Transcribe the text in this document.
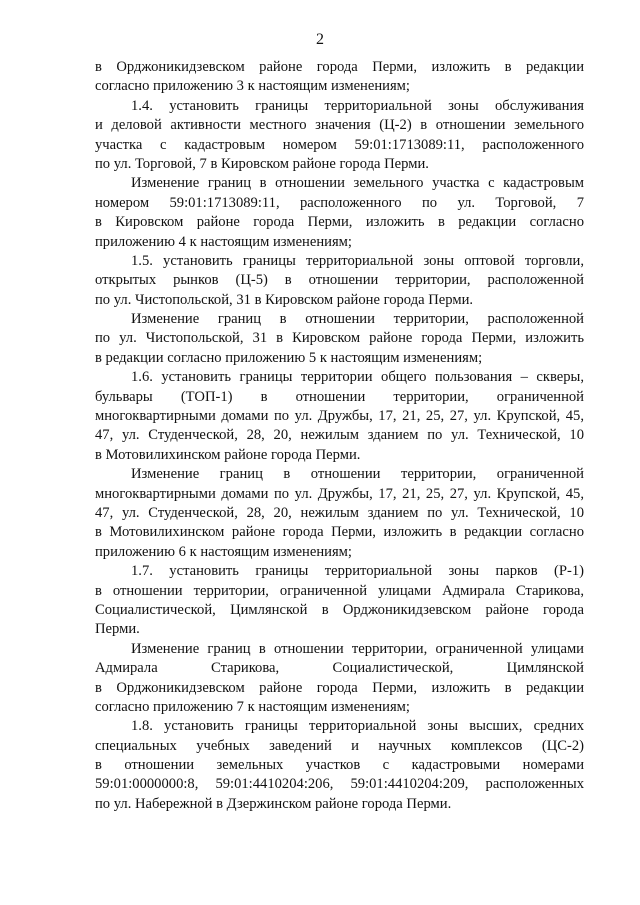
2
в Орджоникидзевском районе города Перми, изложить в редакции
согласно приложению 3 к настоящим изменениям;
1.4. установить границы территориальной зоны обслуживания
и деловой активности местного значения (Ц-2) в отношении земельного
участка с кадастровым номером 59:01:1713089:11, расположенного
по ул. Торговой, 7 в Кировском районе города Перми.
Изменение границ в отношении земельного участка с кадастровым
номером 59:01:1713089:11, расположенного по ул. Торговой, 7
в Кировском районе города Перми, изложить в редакции согласно
приложению 4 к настоящим изменениям;
1.5. установить границы территориальной зоны оптовой торговли,
открытых рынков (Ц-5) в отношении территории, расположенной
по ул. Чистопольской, 31 в Кировском районе города Перми.
Изменение границ в отношении территории, расположенной
по ул. Чистопольской, 31 в Кировском районе города Перми, изложить
в редакции согласно приложению 5 к настоящим изменениям;
1.6. установить границы территории общего пользования – скверы,
бульвары (ТОП-1) в отношении территории, ограниченной
многоквартирными домами по ул. Дружбы, 17, 21, 25, 27, ул. Крупской, 45,
47, ул. Студенческой, 28, 20, нежилым зданием по ул. Технической, 10
в Мотовилихинском районе города Перми.
Изменение границ в отношении территории, ограниченной
многоквартирными домами по ул. Дружбы, 17, 21, 25, 27, ул. Крупской, 45,
47, ул. Студенческой, 28, 20, нежилым зданием по ул. Технической, 10
в Мотовилихинском районе города Перми, изложить в редакции согласно
приложению 6 к настоящим изменениям;
1.7. установить границы территориальной зоны парков (Р-1)
в отношении территории, ограниченной улицами Адмирала Старикова,
Социалистической, Цимлянской в Орджоникидзевском районе города
Перми.
Изменение границ в отношении территории, ограниченной улицами
Адмирала Старикова, Социалистической, Цимлянской
в Орджоникидзевском районе города Перми, изложить в редакции
согласно приложению 7 к настоящим изменениям;
1.8. установить границы территориальной зоны высших, средних
специальных учебных заведений и научных комплексов (ЦС-2)
в отношении земельных участков с кадастровыми номерами
59:01:0000000:8, 59:01:4410204:206, 59:01:4410204:209, расположенных
по ул. Набережной в Дзержинском районе города Перми.
